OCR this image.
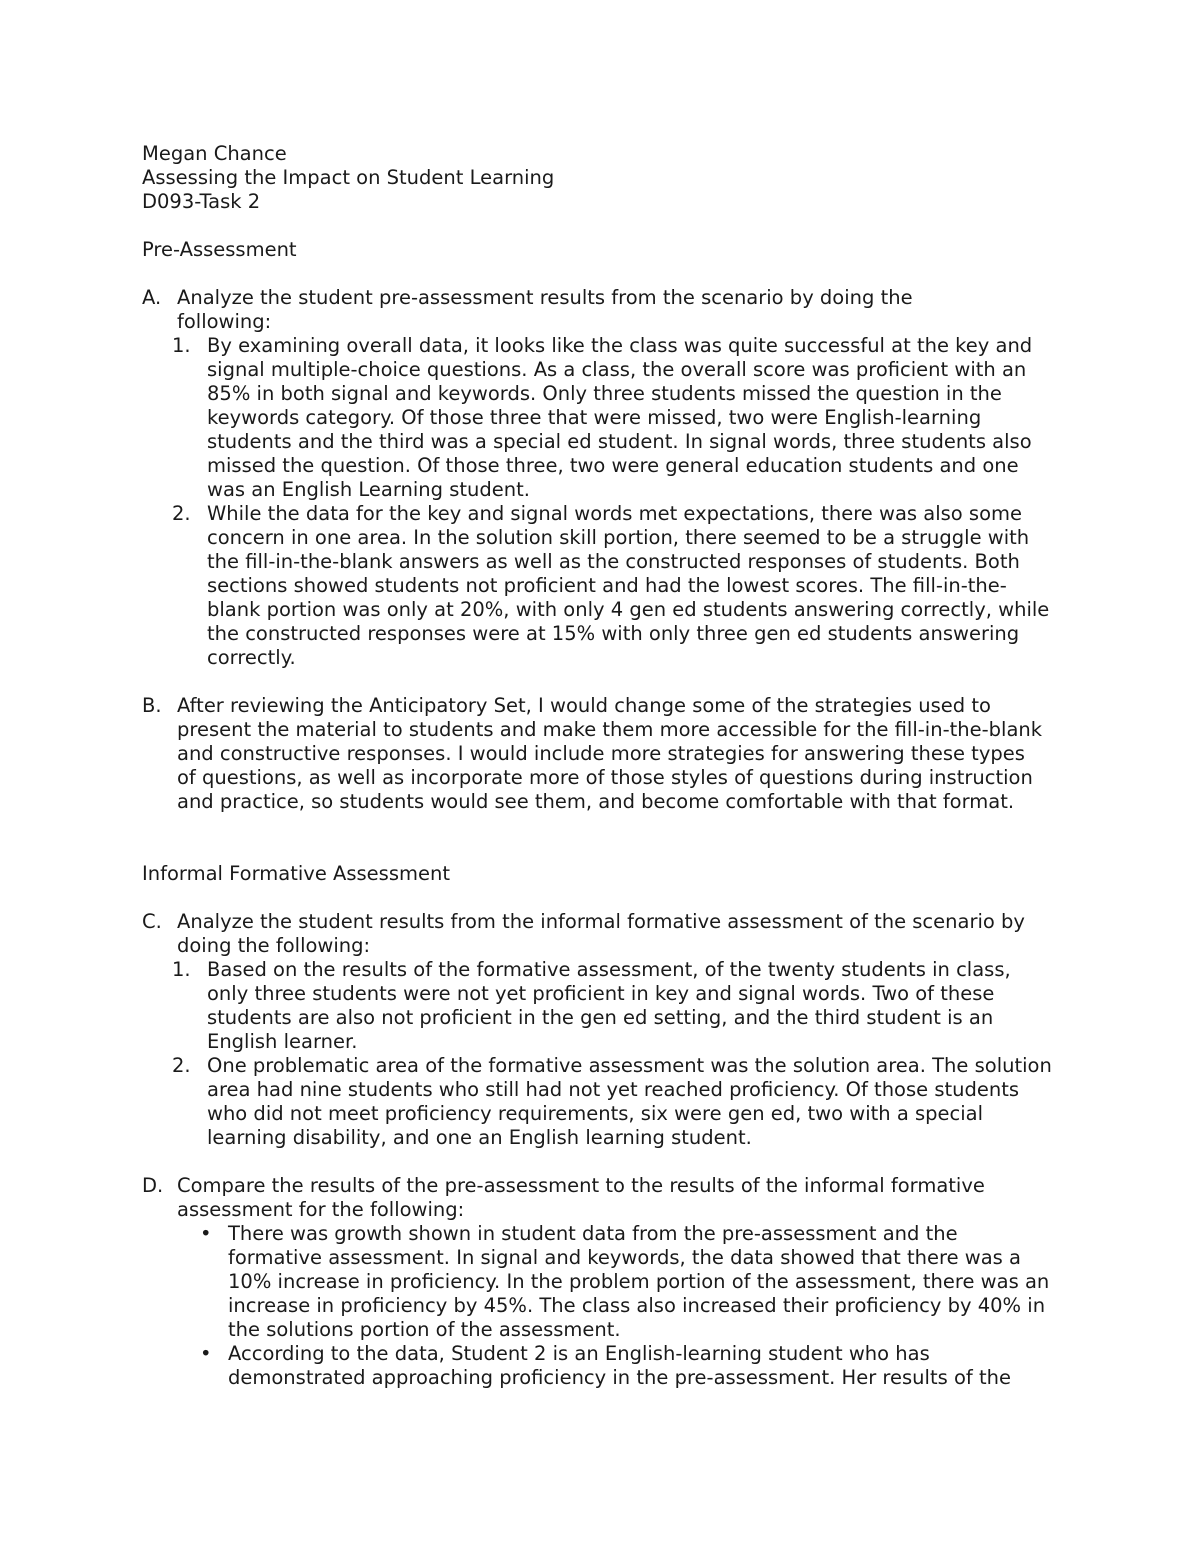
Megan Chance
Assessing the Impact on Student Learning
D093-Task 2
Pre-Assessment
A. Analyze the student pre-assessment results from the scenario by doing the following:
1. By examining overall data, it looks like the class was quite successful at the key and signal multiple-choice questions. As a class, the overall score was proficient with an 85% in both signal and keywords. Only three students missed the question in the keywords category. Of those three that were missed, two were English-learning students and the third was a special ed student. In signal words, three students also missed the question. Of those three, two were general education students and one was an English Learning student.
2. While the data for the key and signal words met expectations, there was also some concern in one area. In the solution skill portion, there seemed to be a struggle with the fill-in-the-blank answers as well as the constructed responses of students. Both sections showed students not proficient and had the lowest scores. The fill-in-the-blank portion was only at 20%, with only 4 gen ed students answering correctly, while the constructed responses were at 15% with only three gen ed students answering correctly.
B. After reviewing the Anticipatory Set, I would change some of the strategies used to present the material to students and make them more accessible for the fill-in-the-blank and constructive responses. I would include more strategies for answering these types of questions, as well as incorporate more of those styles of questions during instruction and practice, so students would see them, and become comfortable with that format.
Informal Formative Assessment
C. Analyze the student results from the informal formative assessment of the scenario by doing the following:
1. Based on the results of the formative assessment, of the twenty students in class, only three students were not yet proficient in key and signal words. Two of these students are also not proficient in the gen ed setting, and the third student is an English learner.
2. One problematic area of the formative assessment was the solution area. The solution area had nine students who still had not yet reached proficiency. Of those students who did not meet proficiency requirements, six were gen ed, two with a special learning disability, and one an English learning student.
D. Compare the results of the pre-assessment to the results of the informal formative assessment for the following:
• There was growth shown in student data from the pre-assessment and the formative assessment. In signal and keywords, the data showed that there was a 10% increase in proficiency. In the problem portion of the assessment, there was an increase in proficiency by 45%. The class also increased their proficiency by 40% in the solutions portion of the assessment.
• According to the data, Student 2 is an English-learning student who has demonstrated approaching proficiency in the pre-assessment. Her results of the
